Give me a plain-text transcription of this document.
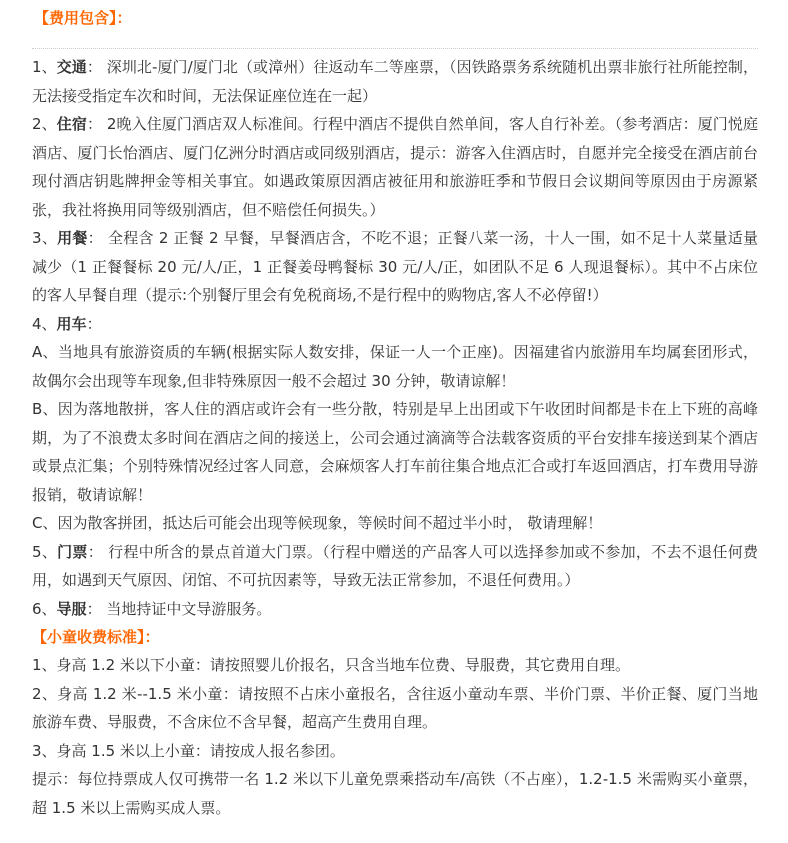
【费用包含】：
1、交通： 深圳北-厦门/厦门北（或漳州）往返动车二等座票，（因铁路票务系统随机出票非旅行社所能控制，无法接受指定车次和时间，无法保证座位连在一起）
2、住宿： 2晚入住厦门酒店双人标准间。行程中酒店不提供自然单间，客人自行补差。（参考酒店：厦门悦庭酒店、厦门长怡酒店、厦门亿洲分时酒店或同级别酒店，提示：游客入住酒店时，自愿并完全接受在酒店前台现付酒店钥匙牌押金等相关事宜。如遇政策原因酒店被征用和旅游旺季和节假日会议期间等原因由于房源紧张，我社将换用同等级别酒店，但不赔偿任何损失。）
3、用餐： 全程含 2 正餐 2 早餐，早餐酒店含，不吃不退；正餐八菜一汤，十人一围，如不足十人菜量适量减少（1 正餐餐标 20 元/人/正，1 正餐姜母鸭餐标 30 元/人/正，如团队不足 6 人现退餐标）。其中不占床位的客人早餐自理（提示:个别餐厅里会有免税商场,不是行程中的购物店,客人不必停留!）
4、用车：
A、当地具有旅游资质的车辆(根据实际人数安排，保证一人一个正座)。因福建省内旅游用车均属套团形式，故偶尔会出现等车现象,但非特殊原因一般不会超过 30 分钟，敬请谅解！
B、因为落地散拼，客人住的酒店或许会有一些分散，特别是早上出团或下午收团时间都是卡在上下班的高峰期，为了不浪费太多时间在酒店之间的接送上，公司会通过滴滴等合法载客资质的平台安排车接送到某个酒店或景点汇集；个别特殊情况经过客人同意，会麻烦客人打车前往集合地点汇合或打车返回酒店，打车费用导游报销，敬请谅解！
C、因为散客拼团，抵达后可能会出现等候现象，等候时间不超过半小时， 敬请理解！
5、门票： 行程中所含的景点首道大门票。（行程中赠送的产品客人可以选择参加或不参加，不去不退任何费用，如遇到天气原因、闭馆、不可抗因素等，导致无法正常参加，不退任何费用。）
6、导服： 当地持证中文导游服务。
【小童收费标准】：
1、身高 1.2 米以下小童：请按照婴儿价报名，只含当地车位费、导服费，其它费用自理。
2、身高 1.2 米--1.5 米小童：请按照不占床小童报名，含往返小童动车票、半价门票、半价正餐、厦门当地旅游车费、导服费，不含床位不含早餐，超高产生费用自理。
3、身高 1.5 米以上小童：请按成人报名参团。
提示：每位持票成人仅可携带一名 1.2 米以下儿童免票乘搭动车/高铁（不占座），1.2-1.5 米需购买小童票，超 1.5 米以上需购买成人票。
